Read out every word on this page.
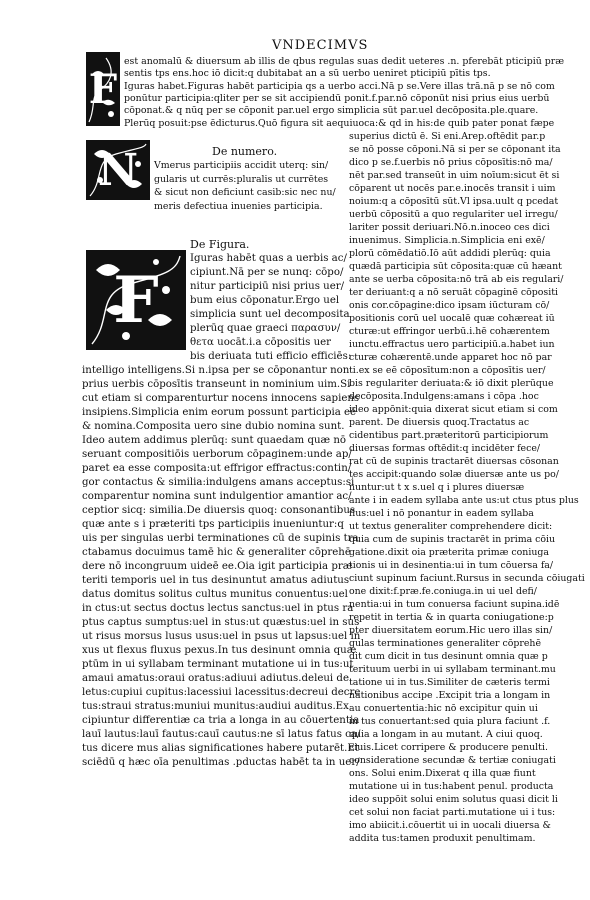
VNDECIMVS
F
N
F
De numero.
De Figura.
est anomalū & diuersum ab illis de qbus regulas suas dedit ueteres .n. pferebāt pticipiū præ
sentis tps ens.hoc iō dicit:q dubitabat an a sū uerbo ueniret pticipiū pītis tps.
Iguras habet.Figuras habēt participia qs a uerbo acci.Nā p se.Vere illas trā.nā p se nō com
ponūtur participia:qliter per se sit accipiendū ponit.f.par.nō cōponūt nisi prius eius uerbū
cōponat.& q nūq per se cōponit par.uel ergo simplicia sūt par.uel decōposita.ple.quare.
Plerūq posuit:pse ēdicturus.Quō figura sit aequiuoca:& qd in his:de quib pater ponat fæpe
Vmerus participiis accidit uterq: sin/
gularis ut currēs:pluralis ut currētes
& sicut non deficiunt casib:sic nec nu/
meris defectiua inuenies participia.
Iguras habēt quas a uerbis ac/
cipiunt.Nā per se nunq: cōpo/
nitur participiū nisi prius uer/
bum eius cōponatur.Ergo uel
simplicia sunt uel decomposita
plerūq quae graeci παρασυν/
θετα uocāt.i.a cōpositis uer
bis deriuata tuti efficio efficiēs:
intelligo intelligens.Si n.ipsa per se cōponantur non
prius uerbis cōposītis transeunt in nominium uim.Si
cut etiam si comparenturtur nocens innocens sapiens
insipiens.Simplicia enim eorum possunt participia eē
& nomina.Composita uero sine dubio nomina sunt.
Ideo autem addimus plerūq: sunt quaedam quæ nō
seruant compositiōis uerborum cōpaginem:unde ap/
paret ea esse composita:ut effrigor effractus:contin/
gor contactus & similia:indulgens amans acceptus:si
comparentur nomina sunt indulgentior amantior ac/
ceptior sicq: similia.De diuersis quoq: consonantibus
quæ ante s i præteriti tps participiis inueniuntur:q
uis per singulas uerbi terminationes cū de supinis tra
ctabamus docuimus tamē hic & generaliter cōprehē
dere nō incongruum uideē ee.Oia igit participia præ
teriti temporis uel in tus desinuntut amatus adiutus
datus domitus solitus cultus munitus conuentus:uel
in ctus:ut sectus doctus lectus sanctus:uel in ptus ra
ptus captus sumptus:uel in stus:ut quæstus:uel in sus
ut risus morsus lusus usus:uel in psus ut lapsus:uel in
xus ut flexus fluxus pexus.In tus desinunt omnia quæ
ptūm in ui syllabam terminant mutatione ui in tus:ut
amaui amatus:oraui oratus:adiuui adiutus.deleui de
letus:cupiui cupitus:lacessiui lacessitus:decreui decre
tus:straui stratus:muniui munitus:audiui auditus.Ex
cipiuntur differentiæ ca tria a longa in au cōuertentia
lauī lautus:lauī fautus:cauī cautus:ne sī latus fatus ca/
tus dicere mus alias significationes habere putarēt.Et
sciēdū q hæc oīa penultimas .pductas habēt ta in uer/
superius dictū ē. Si eni.Arep.oftēdit par.p
se nō posse cōponi.Nā si per se cōponant ita
dico p se.f.uerbis nō prius cōposītis:nō ma/
nēt par.sed transeūt in uim noīum:sicut ēt si
cōparent ut nocēs par.e.inocēs transit i uim
noium:q a cōposītū sūt.Vl ipsa.uult q pcedat
uerbū cōpositū a quo regulariter uel irregu/
lariter possit deriuari.Nō.n.inoceo ces dici
inuenimus. Simplicia.n.Simplicia eni exē/
plorū cōmēdatiō.Iō aūt addidi plerūq: quia
quædā participia sūt cōposita:quæ cū hæant
ante se uerba cōposita:nō trā ab eis regulari/
ter deriuant:q a nō seruāt cōpaginē cōpositi
onis cor.cōpagine:dico ipsam iūcturam cō/
positionis corū uel uocalē quæ cohæreat iū
cturæ:ut effringor uerbū.i.hē cohærentem
iunctu.effractus uero participiū.a.habet iun
cturæ cohærentē.unde apparet hoc nō par
ti.ex se eē cōposītum:non a cōposītis uer/
bis regulariter deriuata:& iō dixit plerūque
decōposita.Indulgens:amans i cōpa .hoc
ideo appōnit:quia dixerat sicut etiam si com
parent. De diuersis quoq.Tractatus ac
cidentibus part.præteritorū participiorum
diuersas formas oftēdit:q incidēter fece/
rat cū de supinis tractarēt diuersas cōsonan
tes accipit:quando solæ diuersæ ante us po/
nuntur:ut t x s.uel q i plures diuersæ
ante i in eadem syllaba ante us:ut ctus ptus plus
flus:uel i nō ponantur in eadem syllaba
ut textus generaliter comprehendere dicit:
quia cum de supinis tractarēt in prima cōiu
gatione.dixit oia præterita primæ coniuga
tionis ui in desinentia:ui in tum cōuersa fa/
ciunt supinum faciunt.Rursus in secunda cōiugati
one dixit:f.præ.fe.coniuga.in ui uel defi/
nentia:ui in tum conuersa faciunt supina.idē
repetit in tertia & in quarta coniugatione:p
pter diuersitatem eorum.Hic uero illas sin/
gulas terminationes generaliter cōprehē
dit cum dicit in tus desinunt omnia quæ p
terituum uerbi in ui syllabam terminant.mu
tatione ui in tus.Similiter de cæteris termi
nationibus accipe .Excipit tria a longam in
au conuertentia:hic nō excipitur quin ui
in tus conuertant:sed quia plura faciunt .f.
quia a longam in au mutant. A ciui quoq.
ciuis.Licet corripere & producere penulti.
consideratione secundæ & tertiæ coniugati
ons. Solui enim.Dixerat q illa quæ fiunt
mutatione ui in tus:habent penul. producta
ideo suppōit solui enim solutus quasi dicit li
cet solui non faciat parti.mutatione ui i tus:
imo abiicit.i.cōuertit ui in uocali diuersa &
addita tus:tamen produxit penultimam.
